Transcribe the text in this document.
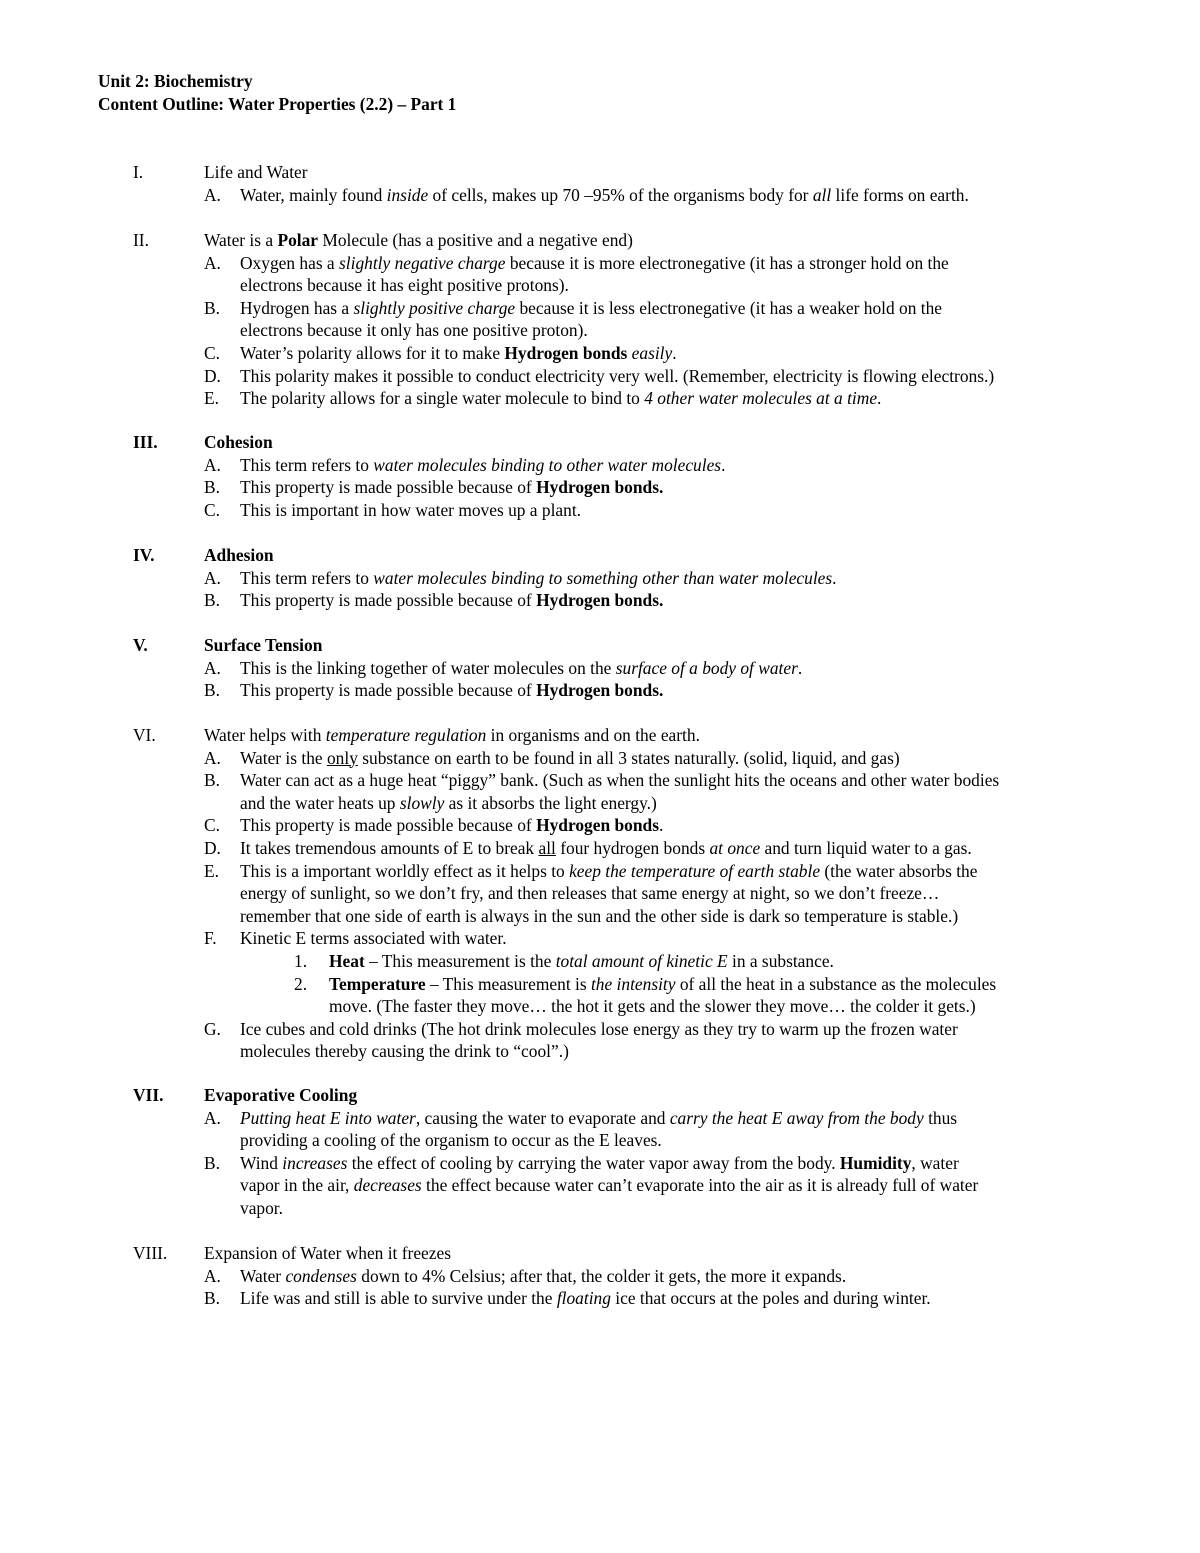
Unit 2: Biochemistry
Content Outline: Water Properties (2.2) – Part 1
I.	Life and Water
A. Water, mainly found inside of cells, makes up 70 –95% of the organisms body for all life forms on earth.
II.	Water is a Polar Molecule (has a positive and a negative end)
A. Oxygen has a slightly negative charge because it is more electronegative (it has a stronger hold on the
electrons because it has eight positive protons).
B. Hydrogen has a slightly positive charge because it is less electronegative (it has a weaker hold on the
electrons because it only has one positive proton).
C. Water’s polarity allows for it to make Hydrogen bonds easily.
D. This polarity makes it possible to conduct electricity very well. (Remember, electricity is flowing electrons.)
E. The polarity allows for a single water molecule to bind to 4 other water molecules at a time.
III.	Cohesion
A. This term refers to water molecules binding to other water molecules.
B. This property is made possible because of Hydrogen bonds.
C. This is important in how water moves up a plant.
IV.	Adhesion
A. This term refers to water molecules binding to something other than water molecules.
B. This property is made possible because of Hydrogen bonds.
V.	Surface Tension
A. This is the linking together of water molecules on the surface of a body of water.
B. This property is made possible because of Hydrogen bonds.
VI.	Water helps with temperature regulation in organisms and on the earth.
A. Water is the only substance on earth to be found in all 3 states naturally. (solid, liquid, and gas)
B. Water can act as a huge heat “piggy” bank. (Such as when the sunlight hits the oceans and other water bodies
and the water heats up slowly as it absorbs the light energy.)
C. This property is made possible because of Hydrogen bonds.
D. It takes tremendous amounts of E to break all four hydrogen bonds at once and turn liquid water to a gas.
E. This is a important worldly effect as it helps to keep the temperature of earth stable (the water absorbs the
energy of sunlight, so we don’t fry, and then releases that same energy at night, so we don’t freeze…
remember that one side of earth is always in the sun and the other side is dark so temperature is stable.)
F. Kinetic E terms associated with water.
1. Heat – This measurement is the total amount of kinetic E in a substance.
2. Temperature – This measurement is the intensity of all the heat in a substance as the molecules
move. (The faster they move… the hot it gets and the slower they move… the colder it gets.)
G. Ice cubes and cold drinks (The hot drink molecules lose energy as they try to warm up the frozen water
molecules thereby causing the drink to “cool”.)
VII. Evaporative Cooling
A. Putting heat E into water, causing the water to evaporate and carry the heat E away from the body thus
providing a cooling of the organism to occur as the E leaves.
B. Wind increases the effect of cooling by carrying the water vapor away from the body. Humidity, water
vapor in the air, decreases the effect because water can’t evaporate into the air as it is already full of water
vapor.
VIII. Expansion of Water when it freezes
A. Water condenses down to 4% Celsius; after that, the colder it gets, the more it expands.
B. Life was and still is able to survive under the floating ice that occurs at the poles and during winter.
